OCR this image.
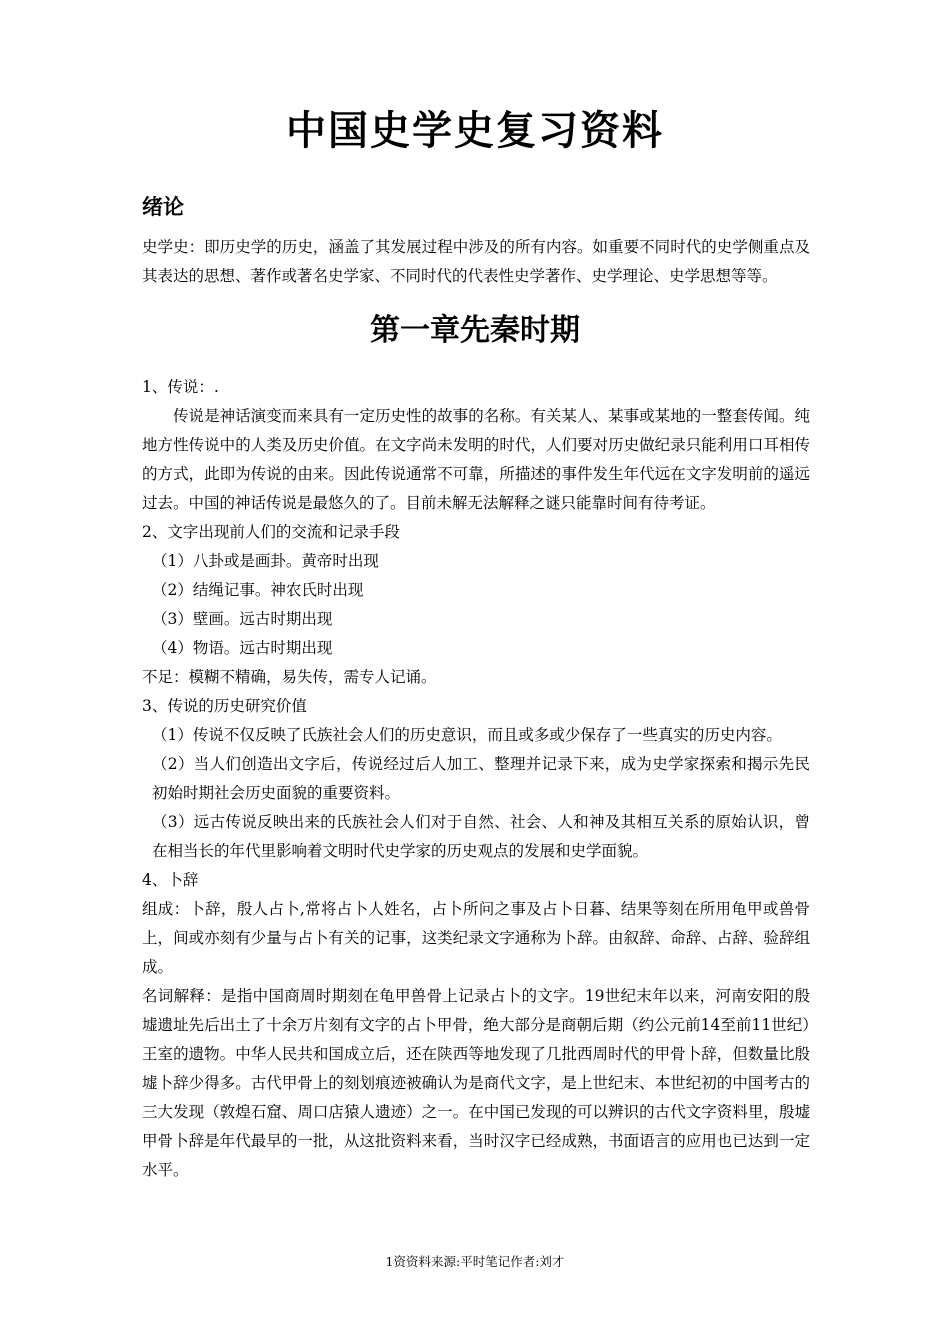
中国史学史复习资料
绪论

史学史：即历史学的历史，涵盖了其发展过程中涉及的所有内容。如重要不同时代的史学侧重点及其表达的思想、著作或著名史学家、不同时代的代表性史学著作、史学理论、史学思想等等。

第一章先秦时期

1、传说：.

传说是神话演变而来具有一定历史性的故事的名称。有关某人、某事或某地的一整套传闻。纯地方性传说中的人类及历史价值。在文字尚未发明的时代，人们要对历史做纪录只能利用口耳相传的方式，此即为传说的由来。因此传说通常不可靠，所描述的事件发生年代远在文字发明前的遥远过去。中国的神话传说是最悠久的了。目前未解无法解释之谜只能靠时间有待考证。

2、文字出现前人们的交流和记录手段

（1）八卦或是画卦。黄帝时出现

（2）结绳记事。神农氏时出现

（3）壁画。远古时期出现

（4）物语。远古时期出现

不足：模糊不精确，易失传，需专人记诵。

3、传说的历史研究价值

（1）传说不仅反映了氏族社会人们的历史意识，而且或多或少保存了一些真实的历史内容。

（2）当人们创造出文字后，传说经过后人加工、整理并记录下来，成为史学家探索和揭示先民初始时期社会历史面貌的重要资料。

（3）远古传说反映出来的氏族社会人们对于自然、社会、人和神及其相互关系的原始认识，曾在相当长的年代里影响着文明时代史学家的历史观点的发展和史学面貌。

4、卜辞

组成：卜辞，殷人占卜,常将占卜人姓名，占卜所问之事及占卜日暮、结果等刻在所用龟甲或兽骨上，间或亦刻有少量与占卜有关的记事，这类纪录文字通称为卜辞。由叙辞、命辞、占辞、验辞组成。

名词解释：是指中国商周时期刻在龟甲兽骨上记录占卜的文字。19世纪末年以来，河南安阳的殷墟遗址先后出土了十余万片刻有文字的占卜甲骨，绝大部分是商朝后期（约公元前14至前11世纪）王室的遗物。中华人民共和国成立后，还在陕西等地发现了几批西周时代的甲骨卜辞，但数量比殷墟卜辞少得多。古代甲骨上的刻划痕迹被确认为是商代文字，是上世纪末、本世纪初的中国考古的三大发现（敦煌石窟、周口店猿人遗迹）之一。在中国已发现的可以辨识的古代文字资料里，殷墟甲骨卜辞是年代最早的一批，从这批资料来看，当时汉字已经成熟，书面语言的应用也已达到一定水平。

1资资料来源:平时笔记作者:刘才
